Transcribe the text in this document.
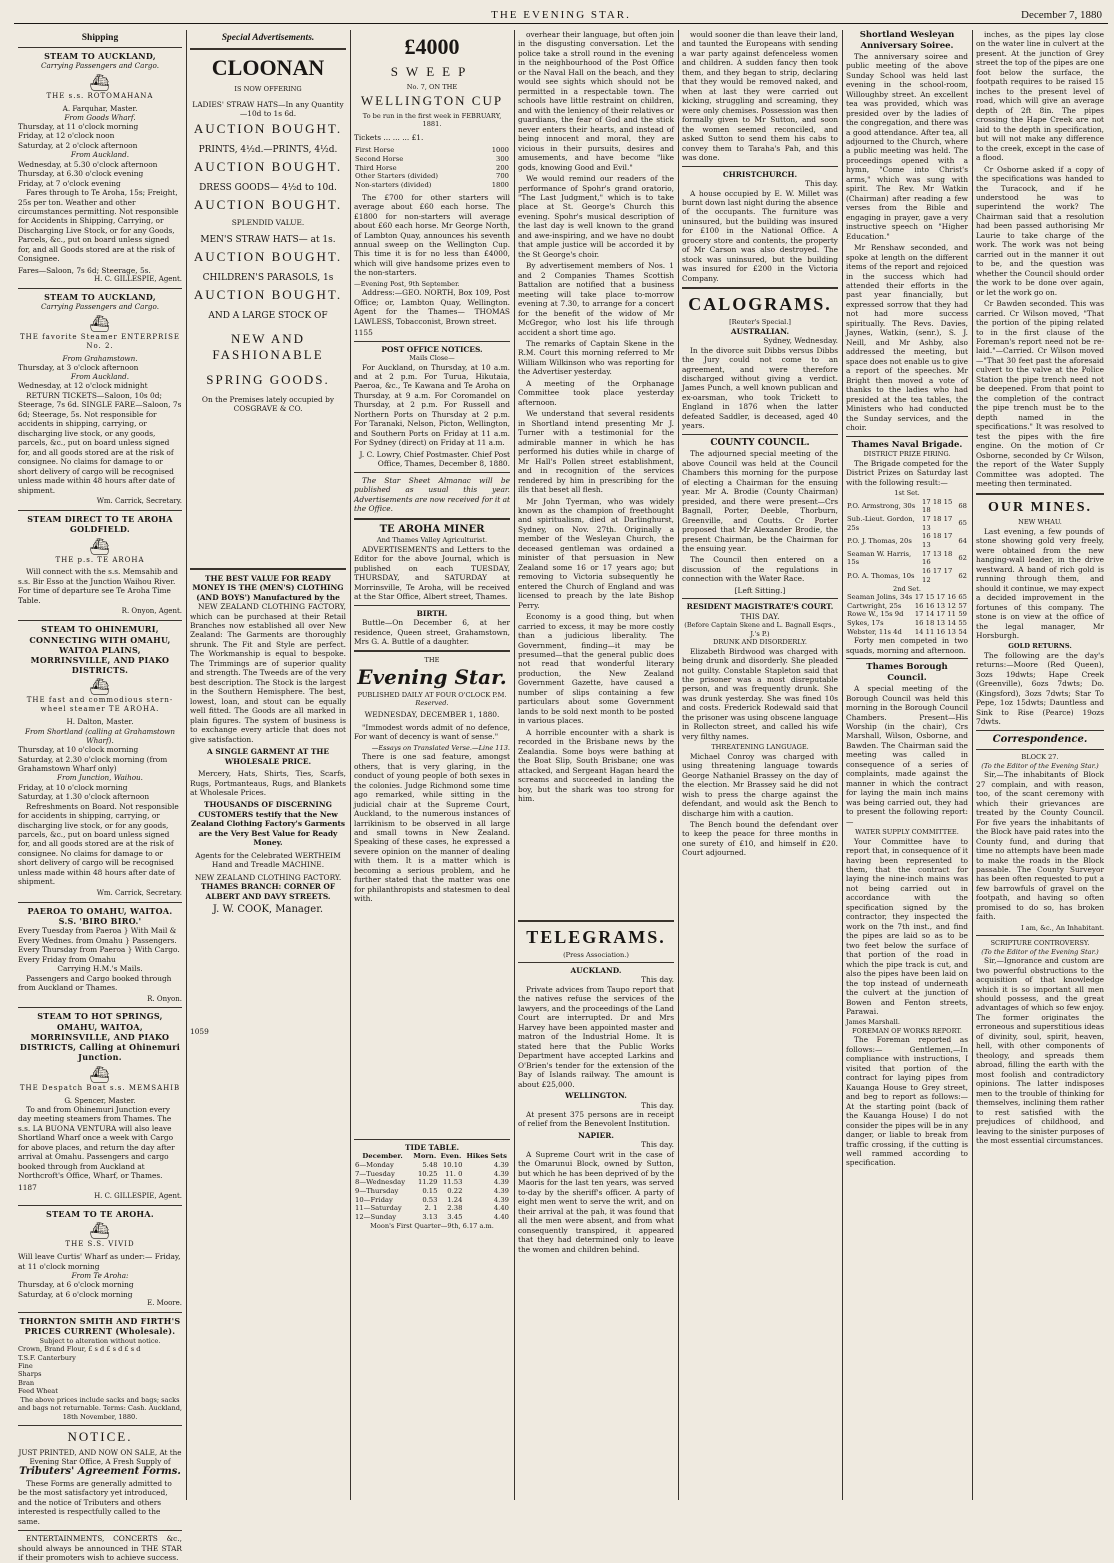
THE EVENING STAR.	December 7, 1880
Shipping
STEAM TO AUCKLAND,
Carrying Passengers and Cargo.
⛴ THE s.s. ROTOMAHANA
A. Farquhar, Master.
From Goods Wharf.
Thursday, at 11 o'clock morning
Friday, at 12 o'clock noon
Saturday, at 2 o'clock afternoon
From Auckland.
Wednesday, at 5.30 o'clock afternoon
Thursday, at 6.30 o'clock evening
Friday, at 7 o'clock evening
Fares through to Te Aroha, 15s; Freight, 25s per ton. Weather and other circumstances permitting. Not responsible for Accidents in Shipping, Carrying, or Discharging Live Stock, or for any Goods, Parcels, &c., put on board unless signed for, and all Goods stored are at the risk of Consignee.
Fares—Saloon, 7s 6d; Steerage, 5s.
H. C. GILLESPIE, Agent.
STEAM TO AUCKLAND,
Carrying Passengers and Cargo.
⛴ THE favorite Steamer ENTERPRISE No. 2.
From Grahamstown.
Thursday, at 3 o'clock afternoon
From Auckland.
Wednesday, at 12 o'clock midnight
RETURN TICKETS—Saloon, 10s 0d; Steerage, 7s 6d. SINGLE FARE—Saloon, 7s 6d; Steerage, 5s. Not responsible for accidents in shipping, carrying, or discharging live stock, or any goods, parcels, &c., put on board unless signed for, and all goods stored are at the risk of consignee. No claims for damage to or short delivery of cargo will be recognised unless made within 48 hours after date of shipment.
Wm. Carrick, Secretary.
STEAM DIRECT TO TE AROHA GOLDFIELD.
⛴ THE p.s. TE AROHA
Will connect with the s.s. Memsahib and s.s. Bir Esso at the Junction Waihou River. For time of departure see Te Aroha Time Table.
R. Onyon, Agent.
STEAM TO OHINEMURI, CONNECTING WITH OMAHU, WAITOA PLAINS, MORRINSVILLE, AND PIAKO DISTRICTS.
⛴ THE fast and commodious stern-wheel steamer TE AROHA.
H. Dalton, Master.
From Shortland (calling at Grahamstown Wharf).
Thursday, at 10 o'clock morning
Saturday, at 2.30 o'clock morning (from Grahamstown Wharf only)
From Junction, Waihou.
Friday, at 10 o'clock morning
Saturday, at 1.30 o'clock afternoon
Refreshments on Board. Not responsible for accidents in shipping, carrying, or discharging live stock, or for any goods, parcels, &c., put on board unless signed for, and all goods stored are at the risk of consignee. No claims for damage to or short delivery of cargo will be recognised unless made within 48 hours after date of shipment.
Wm. Carrick, Secretary.
PAEROA TO OMAHU, WAITOA. S.S. 'BIRO BIRO.'
Every Tuesday from Paeroa } With Mail &
Every Wednes. from Omahu } Passengers.
Every Thursday from Paeroa } With Cargo.
Every Friday from Omahu
Carrying H.M.'s Mails.
Passengers and Cargo booked through from Auckland or Thames.
R. Onyon.
STEAM TO HOT SPRINGS, OMAHU, WAITOA, MORRINSVILLE, AND PIAKO DISTRICTS, Calling at Ohinemuri Junction.
⛴ THE Despatch Boat s.s. MEMSAHIB
G. Spencer, Master.
To and from Ohinemuri Junction every day meeting steamers from Thames. The s.s. LA BUONA VENTURA will also leave Shortland Wharf once a week with Cargo for above places, and return the day after arrival at Omahu. Passengers and cargo booked through from Auckland at Northcroft's Office, Wharf, or Thames.
1187
H. C. GILLESPIE, Agent.
STEAM TO TE AROHA.
⛴ THE S.S. VIVID
Will leave Curtis' Wharf as under:— Friday, at 11 o'clock morning
From Te Aroha:
Thursday, at 6 o'clock morning
Saturday, at 6 o'clock morning
E. Moore.
THORNTON SMITH AND FIRTH'S PRICES CURRENT (Wholesale).
Subject to alteration without notice.
Crown, Brand Flour, £ s d £ s d £ s d
T.S.F. Canterbury
Fine
Sharps
Bran
Feed Wheat
The above prices include sacks and bags; sacks and bags not returnable. Terms: Cash. Auckland, 18th November, 1880.
NOTICE.
JUST PRINTED, AND NOW ON SALE, At the Evening Star Office, A Fresh Supply of
Tributers' Agreement Forms.
These Forms are generally admitted to be the most satisfactory yet introduced, and the notice of Tributers and others interested is respectfully called to the same.
ENTERTAINMENTS, CONCERTS &c., should always be announced in THE STAR if their promoters wish to achieve success.
Special Advertisements.
CLOONAN
IS NOW OFFERING
LADIES' STRAW HATS—In any Quantity—10d to 1s 6d.
AUCTION BOUGHT.
PRINTS, 4½d.—PRINTS, 4½d.
AUCTION BOUGHT.
DRESS GOODS— 4½d to 10d.
AUCTION BOUGHT.
SPLENDID VALUE.
MEN'S STRAW HATS— at 1s.
AUCTION BOUGHT.
CHILDREN'S PARASOLS, 1s
AUCTION BOUGHT.
AND A LARGE STOCK OF
NEW AND FASHIONABLE
SPRING GOODS.
On the Premises lately occupied by COSGRAVE & CO.
THE BEST VALUE FOR READY MONEY IS THE (MEN'S) CLOTHING (AND BOYS') Manufactured by the
NEW ZEALAND CLOTHING FACTORY, which can be purchased at their Retail Branches now established all over New Zealand: The Garments are thoroughly shrunk. The Fit and Style are perfect. The Workmanship is equal to bespoke. The Trimmings are of superior quality and strength. The Tweeds are of the very best description. The Stock is the largest in the Southern Hemisphere. The best, lowest, loan, and stout can be equally well fitted. The Goods are all marked in plain figures. The system of business is to exchange every article that does not give satisfaction.
A SINGLE GARMENT AT THE WHOLESALE PRICE.
Mercery, Hats, Shirts, Ties, Scarfs, Rugs, Portmanteaus, Rugs, and Blankets at Wholesale Prices.
THOUSANDS OF DISCERNING CUSTOMERS testify that the New Zealand Clothing Factory's Garments are the Very Best Value for Ready Money.
Agents for the Celebrated WERTHEIM Hand and Treadle MACHINE.
NEW ZEALAND CLOTHING FACTORY.
THAMES BRANCH: CORNER OF ALBERT AND DAVY STREETS.
J. W. COOK, Manager.
1059
£4000
SWEEP
No. 7, ON THE
WELLINGTON CUP
To be run in the first week in FEBRUARY, 1881.
Tickets ... ... ... £1.
First Horse	1000
Second Horse	300
Third Horse	200
Other Starters (divided)	700
Non-starters (divided)	1800
The £700 for other starters will average about £60 each horse. The £1800 for non-starters will average about £60 each horse. Mr George North, of Lambton Quay, announces his seventh annual sweep on the Wellington Cup. This time it is for no less than £4000, which will give handsome prizes even to the non-starters.
—Evening Post, 9th September.
Address:—GEO. NORTH, Box 109, Post Office; or, Lambton Quay, Wellington. Agent for the Thames— THOMAS LAWLESS, Tobacconist, Brown street.
1155
POST OFFICE NOTICES.
Mails Close—
For Auckland, on Thursday, at 10 a.m. and at 2 p.m. For Turua, Hikutaia, Paeroa, &c., Te Kawana and Te Aroha on Thursday, at 9 a.m. For Coromandel on Thursday, at 2 p.m. For Russell and Northern Ports on Thursday at 2 p.m. For Taranaki, Nelson, Picton, Wellington, and Southern Ports on Friday at 11 a.m. For Sydney (direct) on Friday at 11 a.m.
J. C. Lowry, Chief Postmaster. Chief Post Office, Thames, December 8, 1880.
The Star Sheet Almanac will be published as usual this year. Advertisements are now received for it at the Office.
TE AROHA MINER
And Thames Valley Agriculturist.
ADVERTISEMENTS and Letters to the Editor for the above Journal, which is published on each TUESDAY, THURSDAY, and SATURDAY at Morrinsville, Te Aroha, will be received at the Star Office, Albert street, Thames.
BIRTH.
Buttle—On December 6, at her residence, Queen street, Grahamstown, Mrs G. A. Buttle of a daughter.
THE
Evening Star.
PUBLISHED DAILY AT FOUR O'CLOCK P.M.
Reserved.
WEDNESDAY, DECEMBER 1, 1880.
"Immodest words admit of no defence, For want of decency is want of sense."
—Essays on Translated Verse.—Line 113.
There is one sad feature, amongst others, that is very glaring, in the conduct of young people of both sexes in the colonies. Judge Richmond some time ago remarked, while sitting in the judicial chair at the Supreme Court, Auckland, to the numerous instances of larrikinism to be observed in all large and small towns in New Zealand. Speaking of these cases, he expressed a severe opinion on the manner of dealing with them. It is a matter which is becoming a serious problem, and he further stated that the matter was one for philanthropists and statesmen to deal with.
TIDE TABLE.
December.	Morn.	Even.	Hikes Sets
6—Monday	5.48	10.10	4.39
7—Tuesday	10.25	11. 0	4.39
8—Wednesday	11.29	11.53	4.39
9—Thursday	0.15	0.22	4.39
10—Friday	0.53	1.24	4.39
11—Saturday	2. 1	2.38	4.40
12—Sunday	3.13	3.45	4.40
Moon's First Quarter—9th, 6.17 a.m.
overhear their language, but often join in the disgusting conversation. Let the police take a stroll round in the evening in the neighbourhood of the Post Office or the Naval Hall on the beach, and they would see sights which should not be permitted in a respectable town. The schools have little restraint on children, and with the leniency of their relatives or guardians, the fear of God and the stick never enters their hearts, and instead of being innocent and moral, they are vicious in their pursuits, desires and amusements, and have become "like gods, knowing Good and Evil."
We would remind our readers of the performance of Spohr's grand oratorio, "The Last Judgment," which is to take place at St. George's Church this evening. Spohr's musical description of the last day is well known to the grand and awe-inspiring, and we have no doubt that ample justice will be accorded it by the St George's choir.
By advertisement members of Nos. 1 and 2 Companies Thames Scottish Battalion are notified that a business meeting will take place to-morrow evening at 7.30, to arrange for a concert for the benefit of the widow of Mr McGregor, who lost his life through accident a short time ago.
The remarks of Captain Skene in the R.M. Court this morning referred to Mr William Wilkinson who was reporting for the Advertiser yesterday.
A meeting of the Orphanage Committee took place yesterday afternoon.
We understand that several residents in Shortland intend presenting Mr J. Turner with a testimonial for the admirable manner in which he has performed his duties while in charge of Mr Hall's Pollen street establishment, and in recognition of the services rendered by him in prescribing for the ills that beset all flesh.
Mr John Tyerman, who was widely known as the champion of freethought and spiritualism, died at Darlinghurst, Sydney, on Nov. 27th. Originally a member of the Wesleyan Church, the deceased gentleman was ordained a minister of that persuasion in New Zealand some 16 or 17 years ago; but removing to Victoria subsequently he entered the Church of England and was licensed to preach by the late Bishop Perry.
Economy is a good thing, but when carried to excess, it may be more costly than a judicious liberality. The Government, finding—it may be presumed—that the general public does not read that wonderful literary production, the New Zealand Government Gazette, have caused a number of slips containing a few particulars about some Government lands to be sold next month to be posted in various places.
A horrible encounter with a shark is recorded in the Brisbane news by the Zealandia. Some boys were bathing at the Boat Slip, South Brisbane; one was attacked, and Sergeant Hagan heard the screams and succeeded in landing the boy, but the shark was too strong for him.
TELEGRAMS.
(Press Association.)
AUCKLAND.
This day.
Private advices from Taupo report that the natives refuse the services of the lawyers, and the proceedings of the Land Court are interrupted. Dr and Mrs Harvey have been appointed master and matron of the Industrial Home. It is stated here that the Public Works Department have accepted Larkins and O'Brien's tender for the extension of the Bay of Islands railway. The amount is about £25,000.
WELLINGTON.
This day.
At present 375 persons are in receipt of relief from the Benevolent Institution.
NAPIER.
This day.
A Supreme Court writ in the case of the Omarunui Block, owned by Sutton, but which he has been deprived of by the Maoris for the last ten years, was served to-day by the sheriff's officer. A party of eight men went to serve the writ, and on their arrival at the pah, it was found that all the men were absent, and from what consequently transpired, it appeared that they had determined only to leave the women and children behind.
would sooner die than leave their land, and taunted the Europeans with sending a war party against defenceless women and children. A sudden fancy then took them, and they began to strip, declaring that they would be removed naked, and when at last they were carried out kicking, struggling and screaming, they were only chemises. Possession was then formally given to Mr Sutton, and soon the women seemed reconciled, and asked Sutton to send them his cabs to convey them to Taraha's Pah, and this was done.
CHRISTCHURCH.
This day.
A house occupied by E. W. Millet was burnt down last night during the absence of the occupants. The furniture was uninsured, but the building was insured for £100 in the National Office. A grocery store and contents, the property of Mr Carson was also destroyed. The stock was uninsured, but the building was insured for £200 in the Victoria Company.
CALOGRAMS.
[Reuter's Special.]
AUSTRALIAN.
Sydney, Wednesday.
In the divorce suit Dibbs versus Dibbs the Jury could not come to an agreement, and were therefore discharged without giving a verdict. James Punch, a well known publican and ex-oarsman, who took Trickett to England in 1876 when the latter defeated Saddler, is deceased, aged 40 years.
COUNTY COUNCIL.
The adjourned special meeting of the above Council was held at the Council Chambers this morning for the purpose of electing a Chairman for the ensuing year. Mr A. Brodie (County Chairman) presided, and there were present—Crs Bagnall, Porter, Deeble, Thorburn, Greenville, and Coutts. Cr Porter proposed that Mr Alexander Brodie, the present Chairman, be the Chairman for the ensuing year.
The Council then entered on a discussion of the regulations in connection with the Water Race.
[Left Sitting.]
RESIDENT MAGISTRATE'S COURT.
THIS DAY.
(Before Captain Skene and L. Bagnall Esqrs., J.'s P.)
DRUNK AND DISORDERLY.
Elizabeth Birdwood was charged with being drunk and disorderly. She pleaded not guilty. Constable Stapleton said that the prisoner was a most disreputable person, and was frequently drunk. She was drunk yesterday. She was fined 10s and costs. Frederick Rodewald said that the prisoner was using obscene language in Rollecton street, and called his wife very filthy names.
THREATENING LANGUAGE.
Michael Conroy was charged with using threatening language towards George Nathaniel Brassey on the day of the election. Mr Brassey said he did not wish to press the charge against the defendant, and would ask the Bench to discharge him with a caution.
The Bench bound the defendant over to keep the peace for three months in one surety of £10, and himself in £20. Court adjourned.
Shortland Wesleyan Anniversary Soiree.
The anniversary soiree and public meeting of the above Sunday School was held last evening in the school-room, Willoughby street. An excellent tea was provided, which was presided over by the ladies of the congregation, and there was a good attendance. After tea, all adjourned to the Church, where a public meeting was held. The proceedings opened with a hymn, "Come into Christ's arms," which was sung with spirit. The Rev. Mr Watkin (Chairman) after reading a few verses from the Bible and engaging in prayer, gave a very instructive speech on "Higher Education."
Mr Renshaw seconded, and spoke at length on the different items of the report and rejoiced in the success which had attended their efforts in the past year financially, but expressed sorrow that they had not had more success spiritually. The Revs. Davies, Jaynes, Watkin, (senr.), S. J. Neill, and Mr Ashby, also addressed the meeting, but space does not enable us to give a report of the speeches. Mr Bright then moved a vote of thanks to the ladies who had presided at the tea tables, the Ministers who had conducted the Sunday services, and the choir.
Thames Naval Brigade.
DISTRICT PRIZE FIRING.
The Brigade competed for the District Prizes on Saturday last with the following result:—
1st Set.
P.O. Armstrong, 30s	17 18 15 18	68
Sub.-Lieut. Gordon, 25s	17 18 17 13	65
P.O. J. Thomas, 20s	16 18 17 13	64
Seaman W. Harris, 15s	17 13 18 16	62
P.O. A. Thomas, 10s	16 17 17 12	62
2nd Set.
Seaman Jolins, 34s	17 15 17 16	65
Cartwright, 25s	16 16 13 12	57
Rowe W., 15s 9d	17 14 17 11	59
Sykes, 17s	16 18 13 14	55
Webster, 11s 4d	14 11 16 13	54
Forty men competed in two squads, morning and afternoon.
Thames Borough Council.
A special meeting of the Borough Council was held this morning in the Borough Council Chambers. Present—His Worship (in the chair), Crs Marshall, Wilson, Osborne, and Bawden. The Chairman said the meeting was called in consequence of a series of complaints, made against the manner in which the contract for laying the main inch mains was being carried out, they had to present the following report:—
WATER SUPPLY COMMITTEE.
Your Committee have to report that, in consequence of it having been represented to them, that the contract for laying the nine-inch mains was not being carried out in accordance with the specification signed by the contractor, they inspected the work on the 7th inst., and find the pipes are laid so as to be two feet below the surface of that portion of the road in which the pipe track is cut, and also the pipes have been laid on the top instead of underneath the culvert at the junction of Bowen and Fenton streets, Parawai.
James Marshall.
FOREMAN OF WORKS REPORT.
The Foreman reported as follows:— Gentlemen,—In compliance with instructions, I visited that portion of the contract for laying pipes from Kauanga House to Grey street, and beg to report as follows:—At the starting point (back of the Kauanga House) I do not consider the pipes will be in any danger, or liable to break from traffic crossing, if the cutting is well rammed according to specification.
inches, as the pipes lay close on the water line in culvert at the present. At the junction of Grey street the top of the pipes are one foot below the surface, the footpath requires to be raised 15 inches to the present level of road, which will give an average depth of 2ft 8in. The pipes crossing the Hape Creek are not laid to the depth in specification, but will not make any difference to the creek, except in the case of a flood.
Cr Osborne asked if a copy of the specifications was handed to the Turacock, and if he understood he was to superintend the work? The Chairman said that a resolution had been passed authorising Mr Laurie to take charge of the work. The work was not being carried out in the manner it out to be, and the question was whether the Council should order the work to be done over again, or let the work go on.
Cr Bawden seconded. This was carried. Cr Wilson moved, "That the portion of the piping related to in the first clause of the Foreman's report need not be re-laid."—Carried. Cr Wilson moved—"That 30 feet past the aforesaid culvert to the valve at the Police Station the pipe trench need not be deepened. From that point to the completion of the contract the pipe trench must be to the depth named in the specifications." It was resolved to test the pipes with the fire engine. On the motion of Cr Osborne, seconded by Cr Wilson, the report of the Water Supply Committee was adopted. The meeting then terminated.
OUR MINES.
NEW WHAU.
Last evening, a few pounds of stone showing gold very freely, were obtained from the new hanging-wall leader, in the drive westward. A band of rich gold is running through them, and should it continue, we may expect a decided improvement in the fortunes of this company. The stone is on view at the office of the legal manager, Mr Horsburgh.
GOLD RETURNS.
The following are the day's returns:—Moore (Red Queen), 3ozs 19dwts; Hape Creek (Greenville), 6ozs 7dwts; Do. (Kingsford), 3ozs 7dwts; Star To Pepe, 1oz 15dwts; Dauntless and Sink to Rise (Pearce) 19ozs 7dwts.
Correspondence.
BLOCK 27.
(To the Editor of the Evening Star.)
Sir,—The inhabitants of Block 27 complain, and with reason, too, of the scant ceremony with which their grievances are treated by the County Council. For five years the inhabitants of the Block have paid rates into the County fund, and during that time no attempts have been made to make the roads in the Block passable. The County Surveyor has been often requested to put a few barrowfuls of gravel on the footpath, and having so often promised to do so, has broken faith.
I am, &c., An Inhabitant.
SCRIPTURE CONTROVERSY.
(To the Editor of the Evening Star.)
Sir,—Ignorance and custom are two powerful obstructions to the acquisition of that knowledge which it is so important all men should possess, and the great advantages of which so few enjoy. The former originates the erroneous and superstitious ideas of divinity, soul, spirit, heaven, hell, with other components of theology, and spreads them abroad, filling the earth with the most foolish and contradictory opinions. The latter indisposes men to the trouble of thinking for themselves, inclining them rather to rest satisfied with the prejudices of childhood, and leaving to the sinister purposes of the most essential circumstances.
